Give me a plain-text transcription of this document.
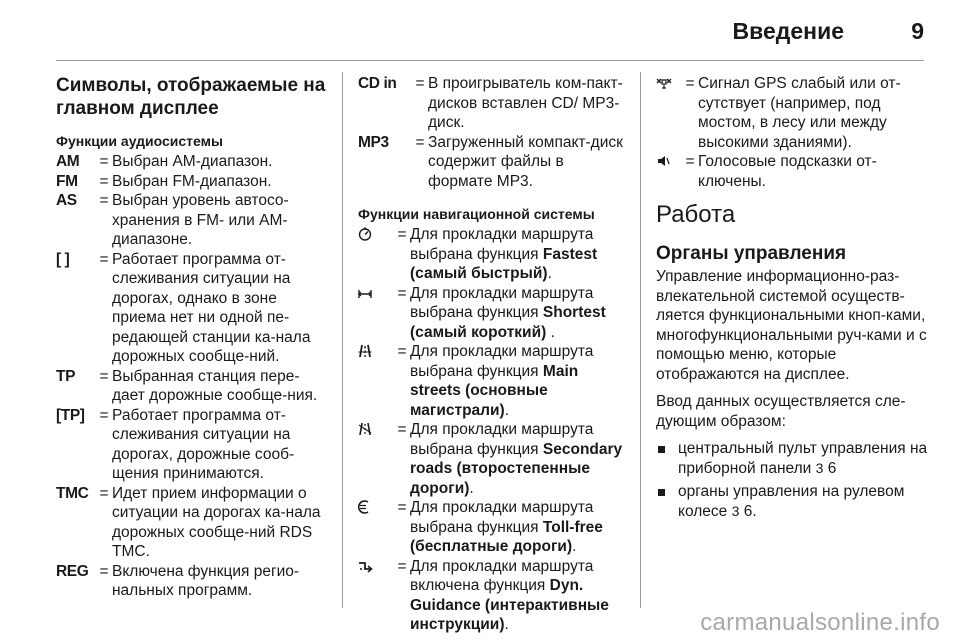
Введение	9
Символы, отображаемые на главном дисплее
Функции аудиосистемы
AM	= Выбран AM-диапазон.
FM	= Выбран FM-диапазон.
AS	= Выбран уровень автосо-хранения в FM- или AM-диапазоне.
[ ]	= Работает программа от-слеживания ситуации на дорогах, однако в зоне приема нет ни одной пе-редающей станции ка-нала дорожных сообще-ний.
TP	= Выбранная станция пере-дает дорожные сообще-ния.
[TP] = Работает программа от-слеживания ситуации на дорогах, дорожные сооб-щения принимаются.
TMC = Идет прием информации о ситуации на дорогах ка-нала дорожных сообще-ний RDS TMC.
REG = Включена функция регио-нальных программ.
CD in	= В проигрыватель ком-пакт-дисков вставлен CD/ MP3-диск.
MP3	= Загруженный компакт-диск содержит файлы в формате MP3.
Функции навигационной системы
= Для прокладки маршрута выбрана функция Fastest (самый быстрый).
= Для прокладки маршрута выбрана функция Shortest (самый короткий) .
= Для прокладки маршрута выбрана функция Main streets (основные магистрали).
= Для прокладки маршрута выбрана функция Secondary roads (второстепенные дороги).
= Для прокладки маршрута выбрана функция Toll-free (бесплатные дороги).
= Для прокладки маршрута включена функция Dyn. Guidance (интерактивные инструкции).
= Сигнал GPS слабый или от-сутствует (например, под мостом, в лесу или между высокими зданиями).
= Голосовые подсказки от-ключены.
Работа
Органы управления

Управление информационно-раз-влекательной системой осуществ-ляется функциональными кноп-ками, многофункциональными руч-ками и с помощью меню, которые отображаются на дисплее.

Ввод данных осуществляется сле-дующим образом:

центральный пульт управления на приборной панели 3 6
органы управления на рулевом колесе 3 6.
carmanualsonline.info
